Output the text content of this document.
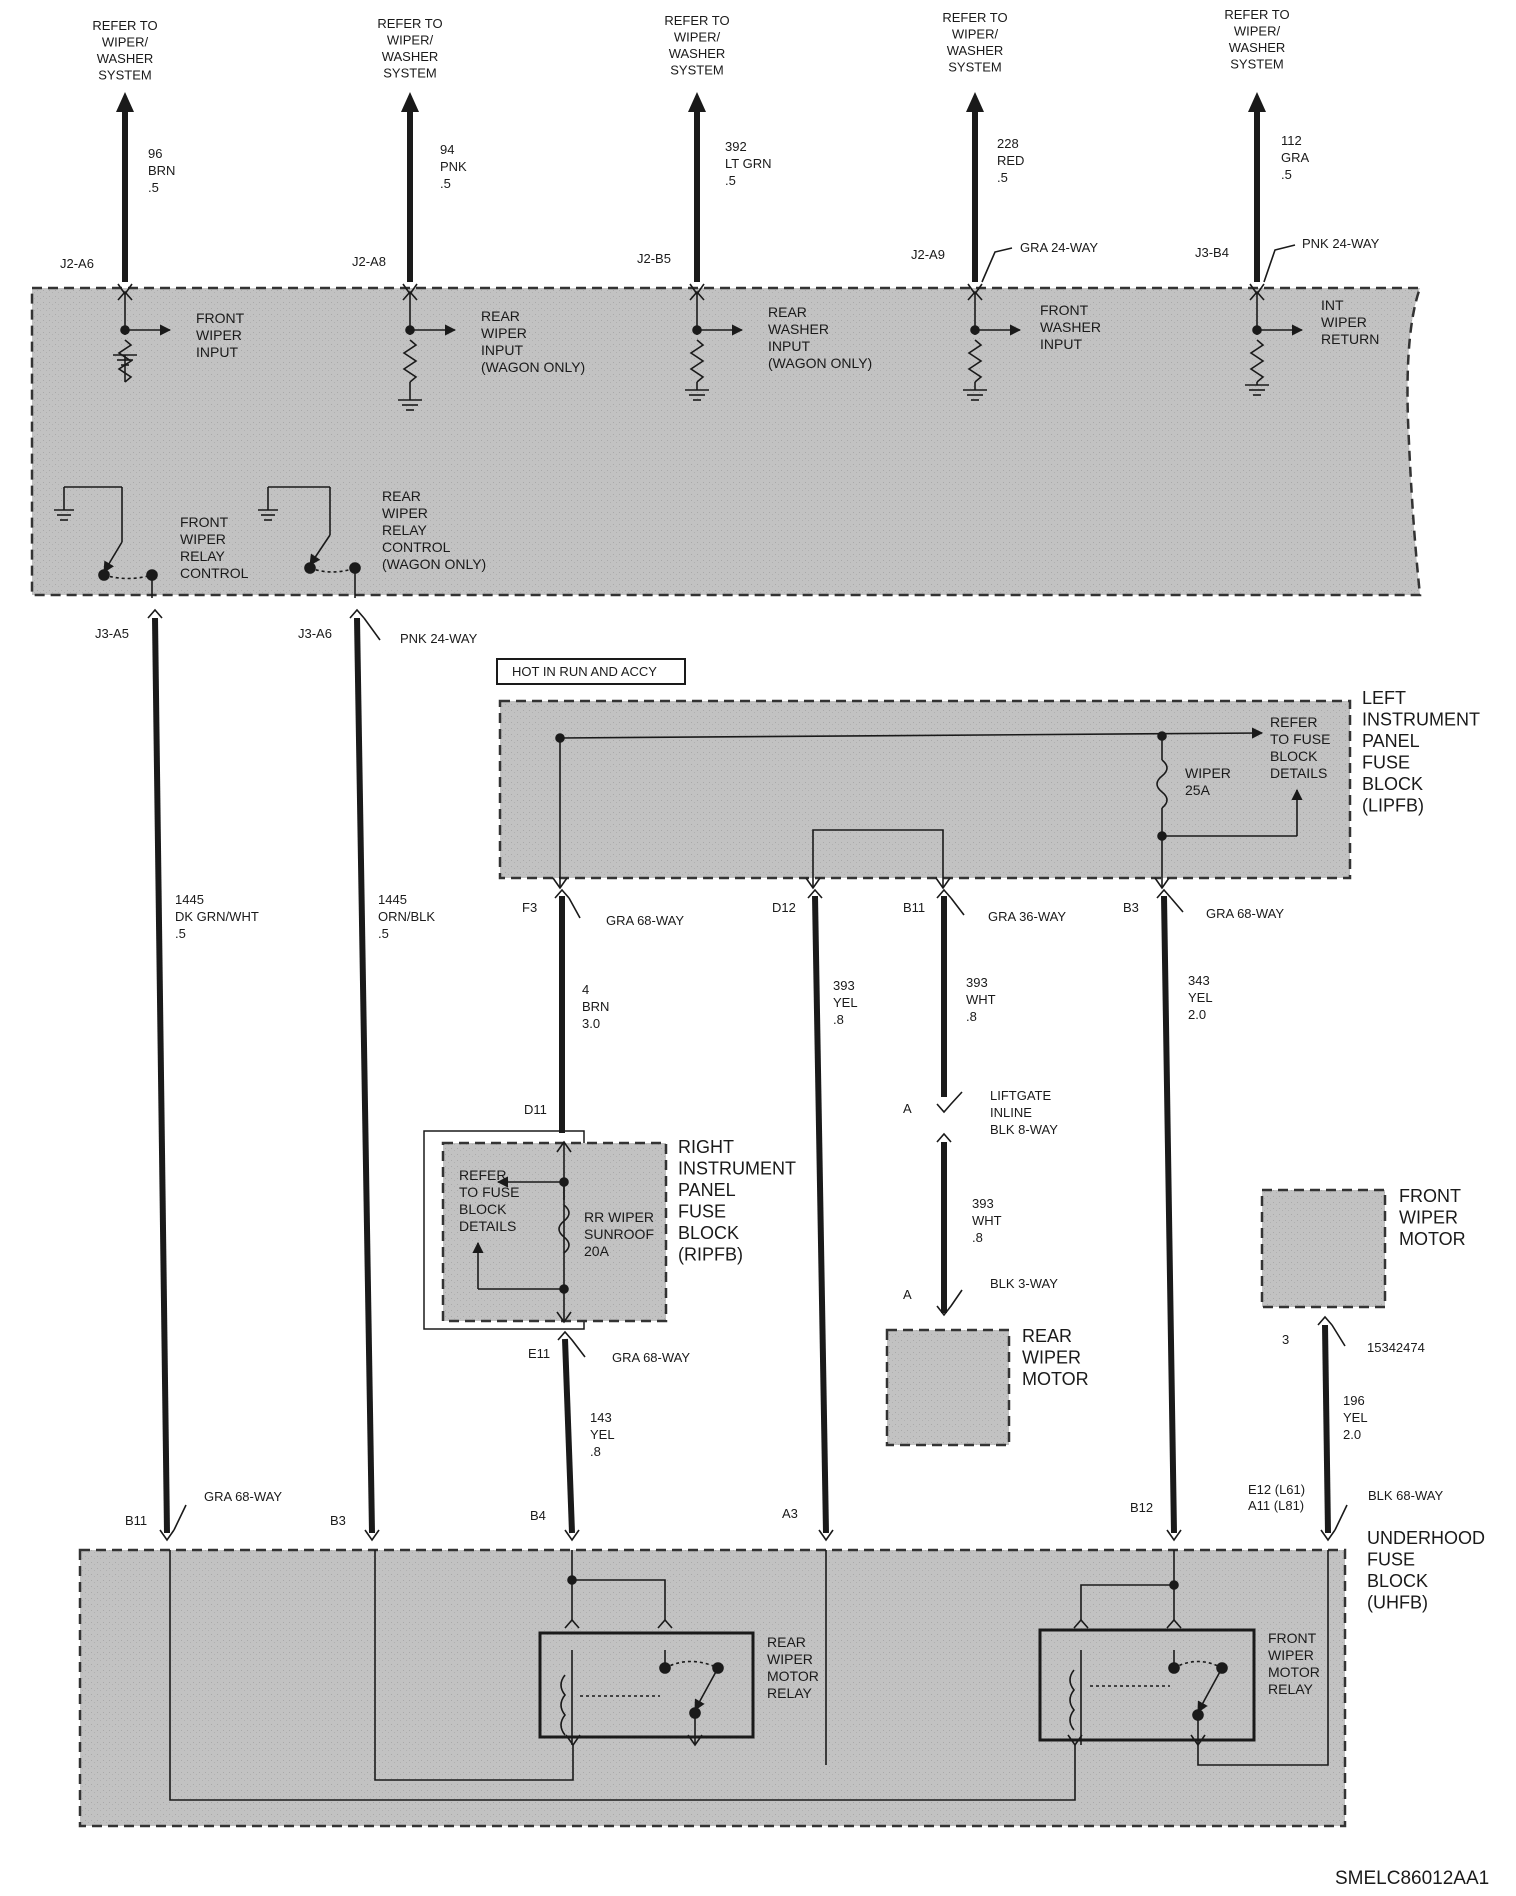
REFER TO WIPER/ WASHER SYSTEM
96 BRN .5
J2-A6
FRONT WIPER INPUT
REFER TO WIPER/ WASHER SYSTEM
94 PNK .5
J2-A8
REAR WIPER INPUT (WAGON ONLY)
REFER TO WIPER/ WASHER SYSTEM
392 LT GRN .5
J2-B5
REAR WASHER INPUT (WAGON ONLY)
REFER TO WIPER/ WASHER SYSTEM
228 RED .5
J2-A9
FRONT WASHER INPUT
REFER TO WIPER/ WASHER SYSTEM
112 GRA .5
J3-B4
INT WIPER RETURN
GRA 24-WAY	PNK 24-WAY
FRONT WIPER RELAY CONTROL
REAR WIPER RELAY CONTROL (WAGON ONLY)
J3-A5	J3-A6	PNK 24-WAY
1445 DK GRN/WHT .5
1445 ORN/BLK .5
HOT IN RUN AND ACCY
REFER TO FUSE BLOCK DETAILS
WIPER 25A
LEFT INSTRUMENT PANEL FUSE BLOCK (LIPFB)
F3	D12	B11	B3
GRA 68-WAY	GRA 36-WAY	GRA 68-WAY
4 BRN 3.0
393 YEL .8
393 WHT .8
343 YEL 2.0
REFER TO FUSE BLOCK DETAILS
RR WIPER SUNROOF 20A
RIGHT INSTRUMENT PANEL FUSE BLOCK (RIPFB)
D11
E11	GRA 68-WAY
143 YEL .8
A
LIFTGATE INLINE BLK 8-WAY
393 WHT .8
A
BLK 3-WAY
REAR WIPER MOTOR
FRONT WIPER MOTOR
3
15342474
196 YEL 2.0
B11	B3	B4	A3	B12
GRA 68-WAY	E12 (L61) A11 (L81)
BLK 68-WAY
UNDERHOOD FUSE BLOCK (UHFB)
REAR WIPER MOTOR RELAY
FRONT WIPER MOTOR RELAY
SMELC86012AA1
